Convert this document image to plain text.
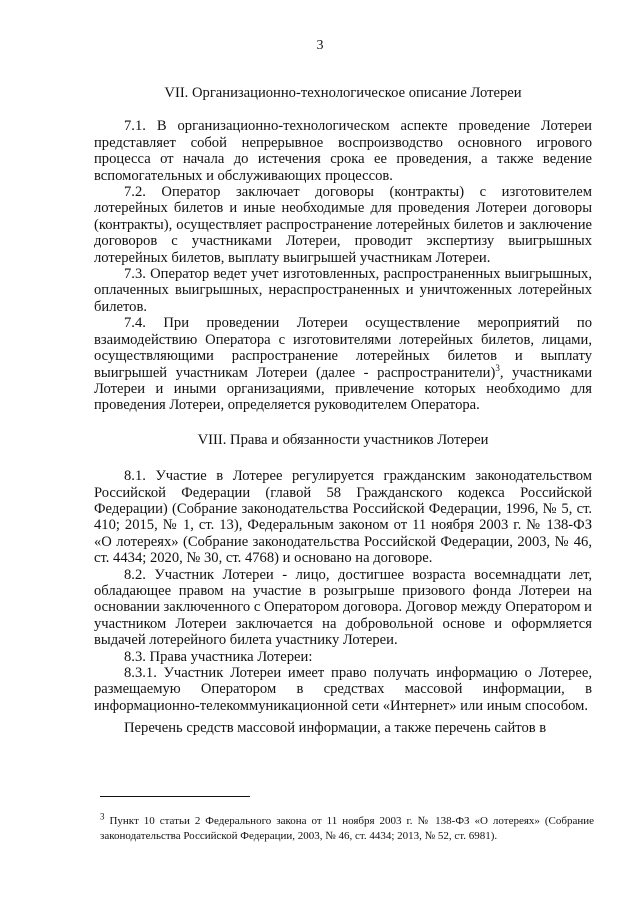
3
VII. Организационно-технологическое описание Лотереи

7.1. В организационно-технологическом аспекте проведение Лотереи представляет собой непрерывное воспроизводство основного игрового процесса от начала до истечения срока ее проведения, а также ведение вспомогательных и обслуживающих процессов.

7.2. Оператор заключает договоры (контракты) с изготовителем лотерейных билетов и иные необходимые для проведения Лотереи договоры (контракты), осуществляет распространение лотерейных билетов и заключение договоров с участниками Лотереи, проводит экспертизу выигрышных лотерейных билетов, выплату выигрышей участникам Лотереи.

7.3. Оператор ведет учет изготовленных, распространенных выигрышных, оплаченных выигрышных, нераспространенных и уничтоженных лотерейных билетов.

7.4. При проведении Лотереи осуществление мероприятий по взаимодействию Оператора с изготовителями лотерейных билетов, лицами, осуществляющими распространение лотерейных билетов и выплату выигрышей участникам Лотереи (далее - распространители)$^3$, участниками Лотереи и иными организациями, привлечение которых необходимо для проведения Лотереи, определяется руководителем Оператора.

VIII. Права и обязанности участников Лотереи

8.1. Участие в Лотерее регулируется гражданским законодательством Российской Федерации (главой 58 Гражданского кодекса Российской Федерации) (Собрание законодательства Российской Федерации, 1996, № 5, ст. 410; 2015, № 1, ст. 13), Федеральным законом от 11 ноября 2003 г. № 138-ФЗ «О лотереях» (Собрание законодательства Российской Федерации, 2003, № 46, ст. 4434; 2020, № 30, ст. 4768) и основано на договоре.

8.2. Участник Лотереи - лицо, достигшее возраста восемнадцати лет, обладающее правом на участие в розыгрыше призового фонда Лотереи на основании заключенного с Оператором договора. Договор между Оператором и участником Лотереи заключается на добровольной основе и оформляется выдачей лотерейного билета участнику Лотереи.

8.3. Права участника Лотереи:

8.3.1. Участник Лотереи имеет право получать информацию о Лотерее, размещаемую Оператором в средствах массовой информации, в информационно-телекоммуникационной сети «Интернет» или иным способом.

Перечень средств массовой информации, а также перечень сайтов в

$^3$ Пункт 10 статьи 2 Федерального закона от 11 ноября 2003 г. № 138-ФЗ «О лотереях» (Собрание законодательства Российской Федерации, 2003, № 46, ст. 4434; 2013, № 52, ст. 6981).
